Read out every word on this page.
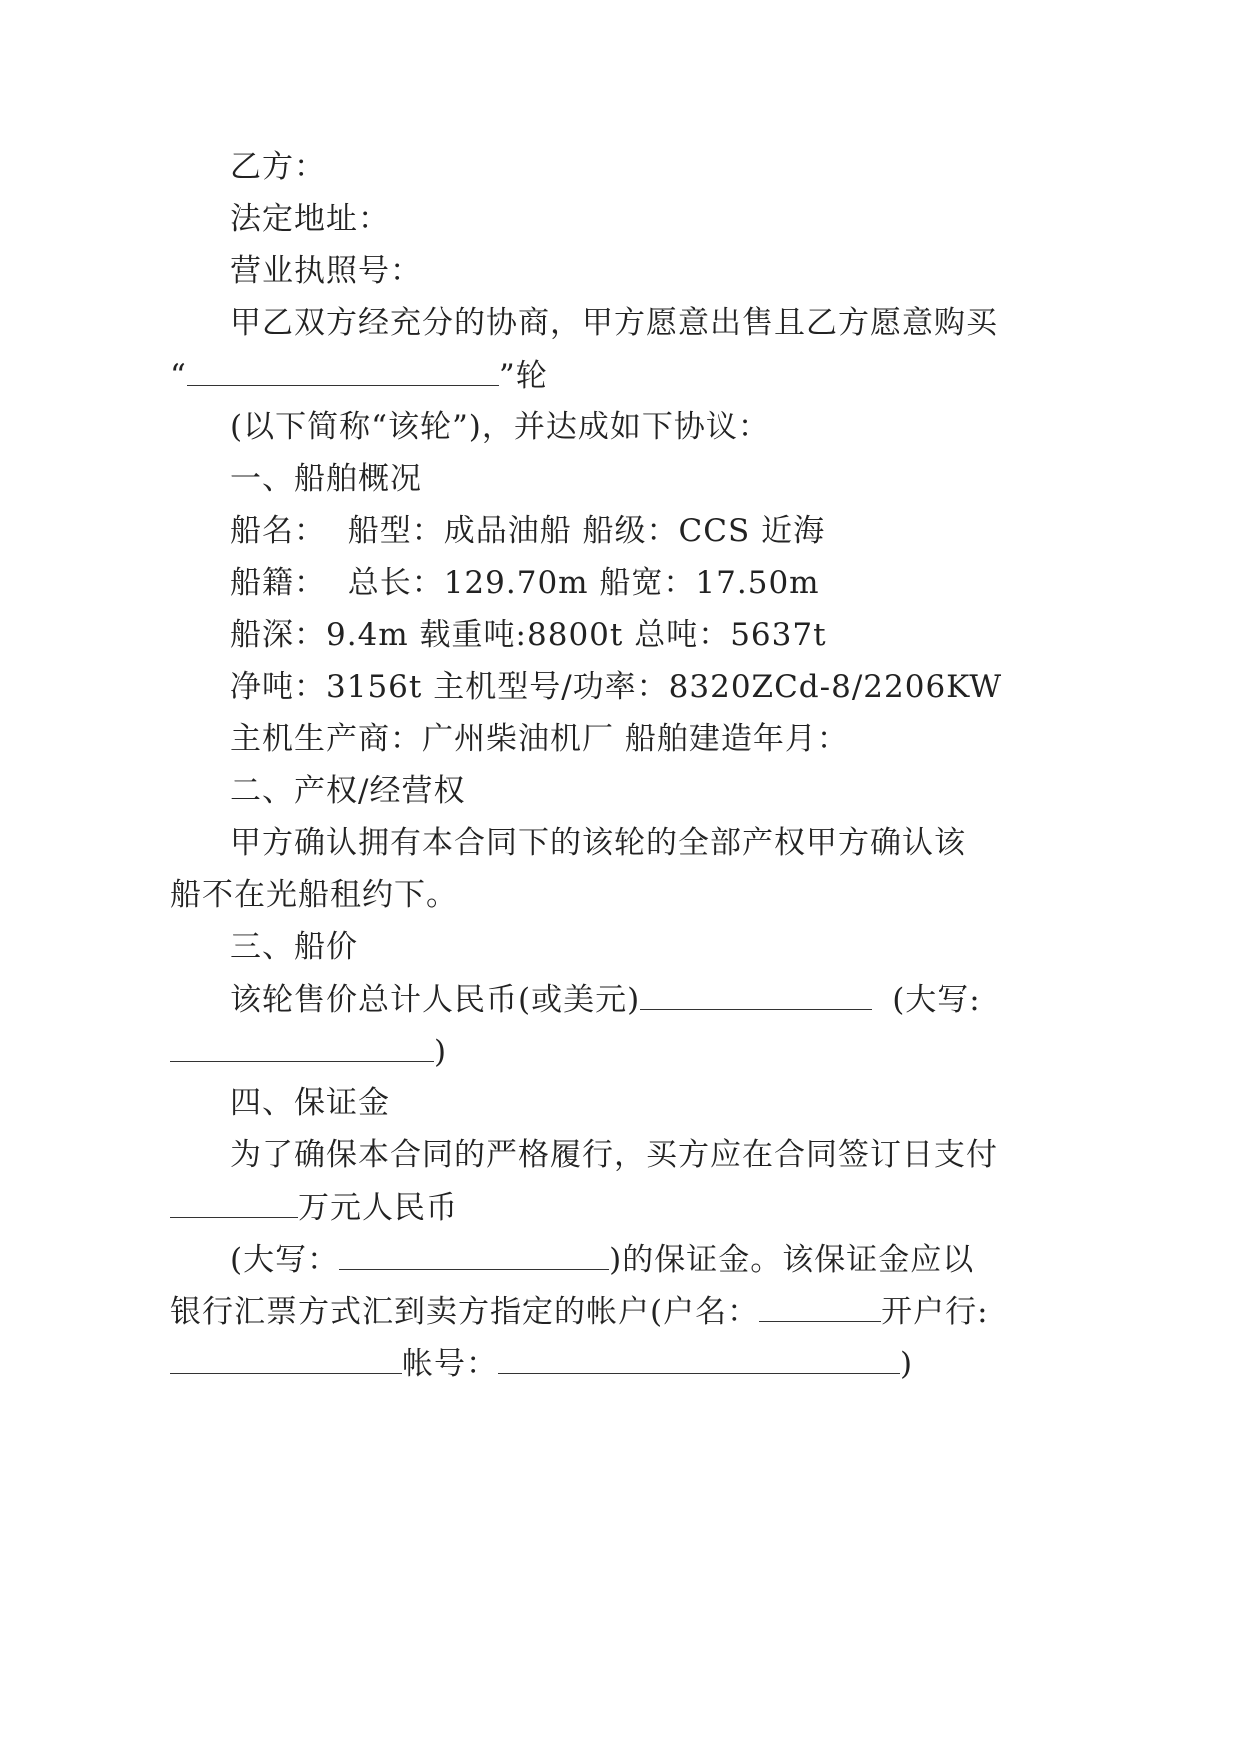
乙方：
法定地址：
营业执照号：
甲乙双方经充分的协商，甲方愿意出售且乙方愿意购买
“	”轮
(以下简称“该轮”)，并达成如下协议：
一、船舶概况
船名：  船型：成品油船 船级：CCS 近海
船籍：  总长：129.70m 船宽：17.50m
船深：9.4m 载重吨:8800t 总吨：5637t
净吨：3156t 主机型号/功率：8320ZCd-8/2206KW
主机生产商：广州柴油机厂 船舶建造年月：
二、产权/经营权
甲方确认拥有本合同下的该轮的全部产权甲方确认该
船不在光船租约下。
三、船价
该轮售价总计人民币(或美元)	(大写:
)
四、保证金
为了确保本合同的严格履行，买方应在合同签订日支付
万元人民币
(大写：	)的保证金。该保证金应以
银行汇票方式汇到卖方指定的帐户(户名：	开户行:
帐号：	)
